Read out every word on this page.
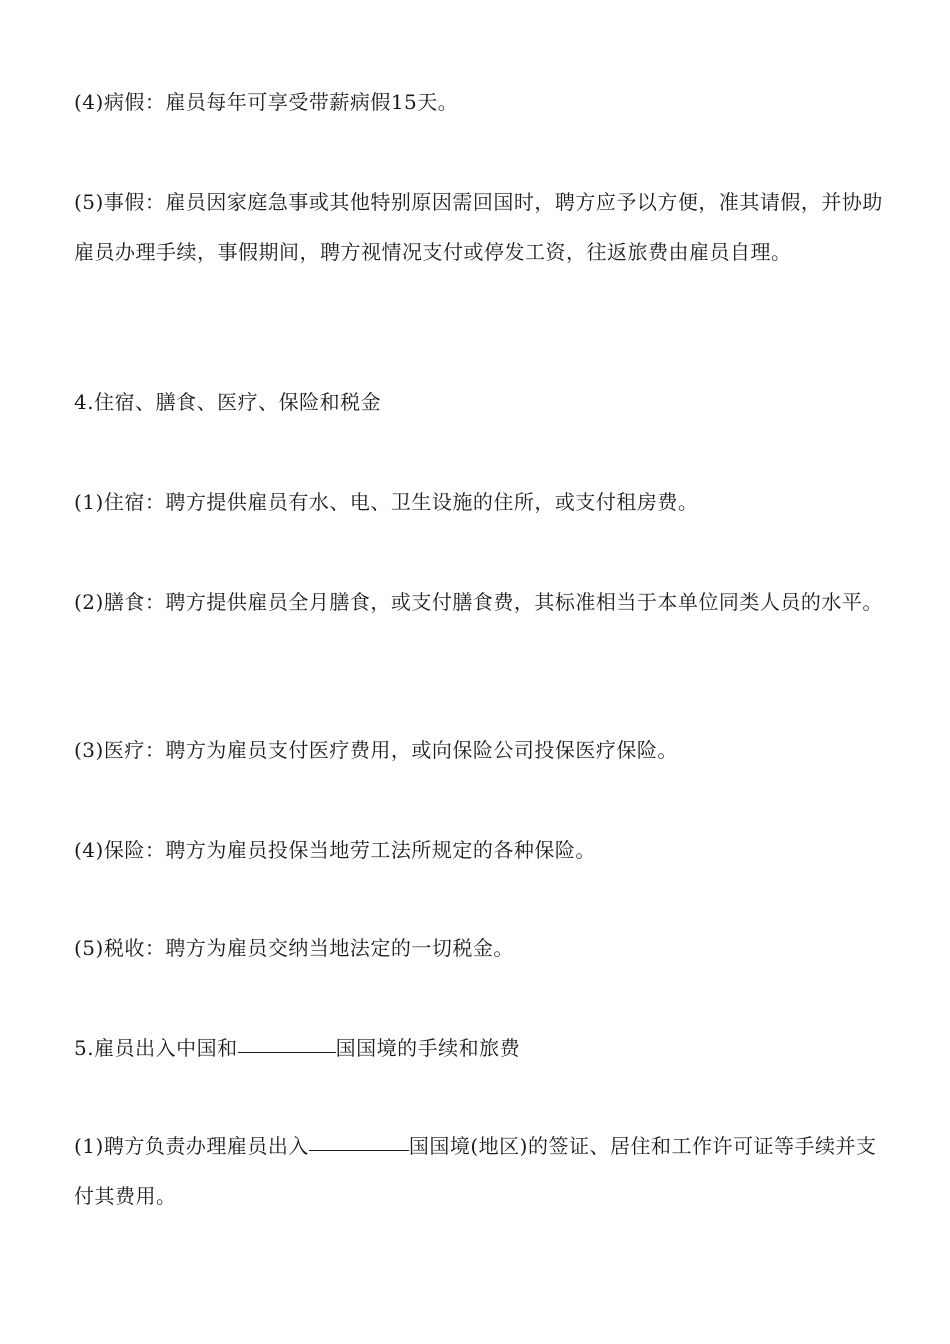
(4)病假：雇员每年可享受带薪病假15天。

(5)事假：雇员因家庭急事或其他特别原因需回国时，聘方应予以方便，准其请假，并协助雇员办理手续，事假期间，聘方视情况支付或停发工资，往返旅费由雇员自理。

4.住宿、膳食、医疗、保险和税金

(1)住宿：聘方提供雇员有水、电、卫生设施的住所，或支付租房费。

(2)膳食：聘方提供雇员全月膳食，或支付膳食费，其标准相当于本单位同类人员的水平。

(3)医疗：聘方为雇员支付医疗费用，或向保险公司投保医疗保险。

(4)保险：聘方为雇员投保当地劳工法所规定的各种保险。

(5)税收：聘方为雇员交纳当地法定的一切税金。

5.雇员出入中国和	国国境的手续和旅费

(1)聘方负责办理雇员出入	国国境(地区)的签证、居住和工作许可证等手续并支付其费用。
